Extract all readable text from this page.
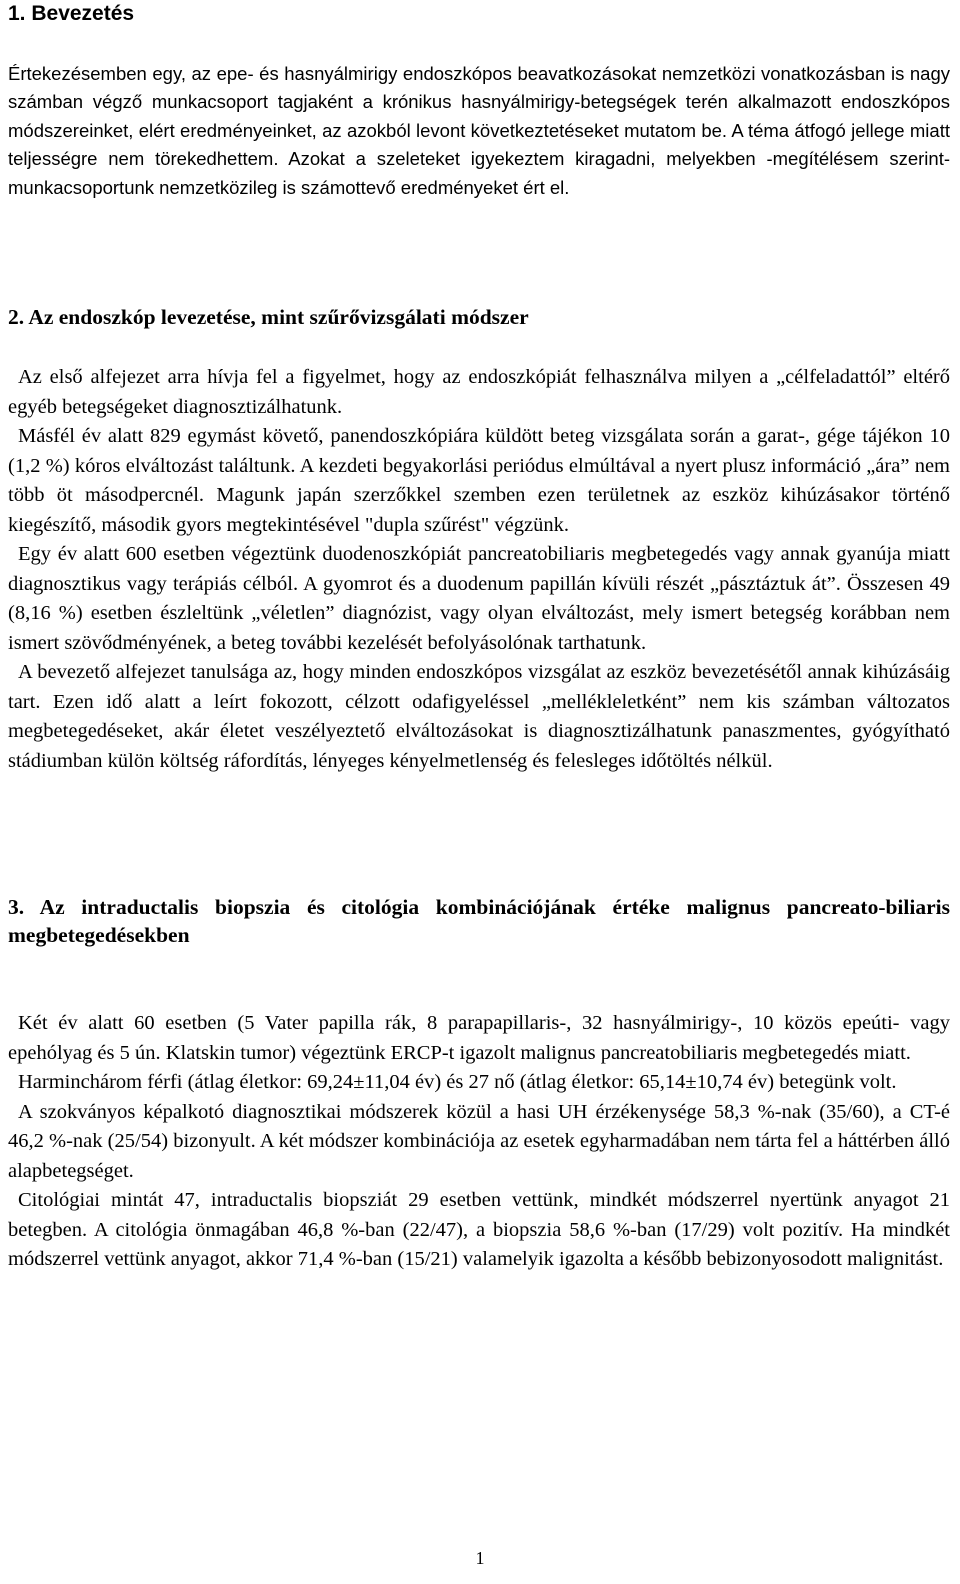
1. Bevezetés

Értekezésemben egy, az epe- és hasnyálmirigy endoszkópos beavatkozásokat nemzetközi vonatkozásban is nagy számban végző munkacsoport tagjaként a krónikus hasnyálmirigy-betegségek terén alkalmazott endoszkópos módszereinket, elért eredményeinket, az azokból levont következtetéseket mutatom be. A téma átfogó jellege miatt teljességre nem törekedhettem. Azokat a szeleteket igyekeztem kiragadni, melyekben -megítélésem szerint- munkacsoportunk nemzetközileg is számottevő eredményeket ért el.

2. Az endoszkóp levezetése, mint szűrővizsgálati módszer

Az első alfejezet arra hívja fel a figyelmet, hogy az endoszkópiát felhasználva milyen a „célfeladattól” eltérő egyéb betegségeket diagnosztizálhatunk.

Másfél év alatt 829 egymást követő, panendoszkópiára küldött beteg vizsgálata során a garat-, gége tájékon 10 (1,2 %) kóros elváltozást találtunk. A kezdeti begyakorlási periódus elmúltával a nyert plusz információ „ára” nem több öt másodpercnél. Magunk japán szerzőkkel szemben ezen területnek az eszköz kihúzásakor történő kiegészítő, második gyors megtekintésével "dupla szűrést" végzünk.

Egy év alatt 600 esetben végeztünk duodenoszkópiát pancreatobiliaris megbetegedés vagy annak gyanúja miatt diagnosztikus vagy terápiás célból. A gyomrot és a duodenum papillán kívüli részét „pásztáztuk át”. Összesen 49 (8,16 %) esetben észleltünk „véletlen” diagnózist, vagy olyan elváltozást, mely ismert betegség korábban nem ismert szövődményének, a beteg további kezelését befolyásolónak tarthatunk.

A bevezető alfejezet tanulsága az, hogy minden endoszkópos vizsgálat az eszköz bevezetésétől annak kihúzásáig tart. Ezen idő alatt a leírt fokozott, célzott odafigyeléssel „mellékleletként” nem kis számban változatos megbetegedéseket, akár életet veszélyeztető elváltozásokat is diagnosztizálhatunk panaszmentes, gyógyítható stádiumban külön költség ráfordítás, lényeges kényelmetlenség és felesleges időtöltés nélkül.

3. Az intraductalis biopszia és citológia kombinációjának értéke malignus pancreato-biliaris megbetegedésekben

Két év alatt 60 esetben (5 Vater papilla rák, 8 parapapillaris-, 32 hasnyálmirigy-, 10 közös epeúti- vagy epehólyag és 5 ún. Klatskin tumor) végeztünk ERCP-t igazolt malignus pancreatobiliaris megbetegedés miatt.

Harminchárom férfi (átlag életkor: 69,24±11,04 év) és 27 nő (átlag életkor: 65,14±10,74 év) betegünk volt.

A szokványos képalkotó diagnosztikai módszerek közül a hasi UH érzékenysége 58,3 %-nak (35/60), a CT-é 46,2 %-nak (25/54) bizonyult. A két módszer kombinációja az esetek egyharmadában nem tárta fel a háttérben álló alapbetegséget.

Citológiai mintát 47, intraductalis biopsziát 29 esetben vettünk, mindkét módszerrel nyertünk anyagot 21 betegben. A citológia önmagában 46,8 %-ban (22/47), a biopszia 58,6 %-ban (17/29) volt pozitív. Ha mindkét módszerrel vettünk anyagot, akkor 71,4 %-ban (15/21) valamelyik igazolta a később bebizonyosodott malignitást.

1
